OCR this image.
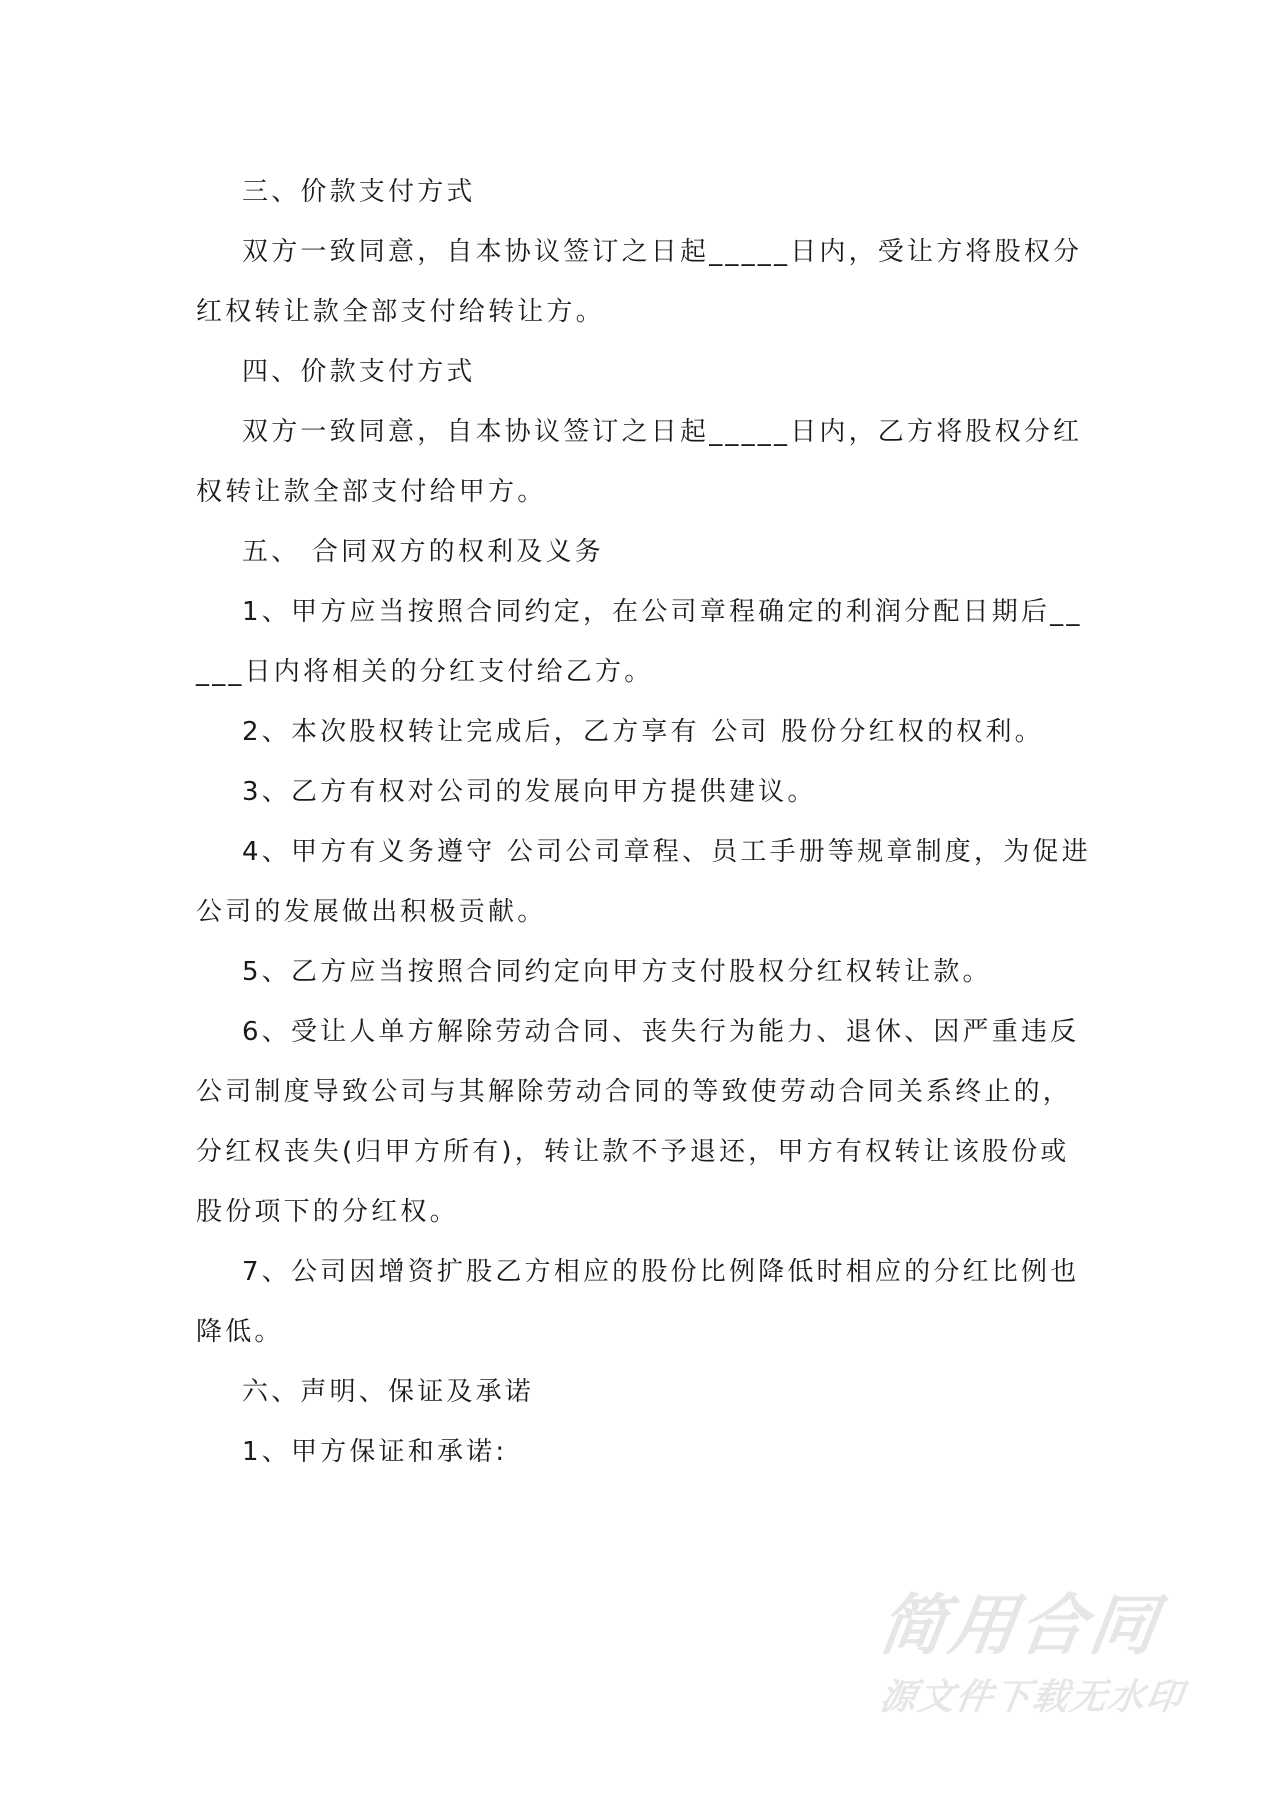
三、价款支付方式

双方一致同意，自本协议签订之日起_____日内，受让方将股权分红权转让款全部支付给转让方。

四、价款支付方式

双方一致同意，自本协议签订之日起_____日内，乙方将股权分红权转让款全部支付给甲方。

五、 合同双方的权利及义务

1、甲方应当按照合同约定，在公司章程确定的利润分配日期后_____日内将相关的分红支付给乙方。

2、本次股权转让完成后，乙方享有 公司 股份分红权的权利。

3、乙方有权对公司的发展向甲方提供建议。

4、甲方有义务遵守 公司公司章程、员工手册等规章制度，为促进公司的发展做出积极贡献。

5、乙方应当按照合同约定向甲方支付股权分红权转让款。

6、受让人单方解除劳动合同、丧失行为能力、退休、因严重违反公司制度导致公司与其解除劳动合同的等致使劳动合同关系终止的，分红权丧失(归甲方所有)，转让款不予退还，甲方有权转让该股份或股份项下的分红权。

7、公司因增资扩股乙方相应的股份比例降低时相应的分红比例也降低。

六、声明、保证及承诺

1、甲方保证和承诺:

简用合同
源文件下载无水印
